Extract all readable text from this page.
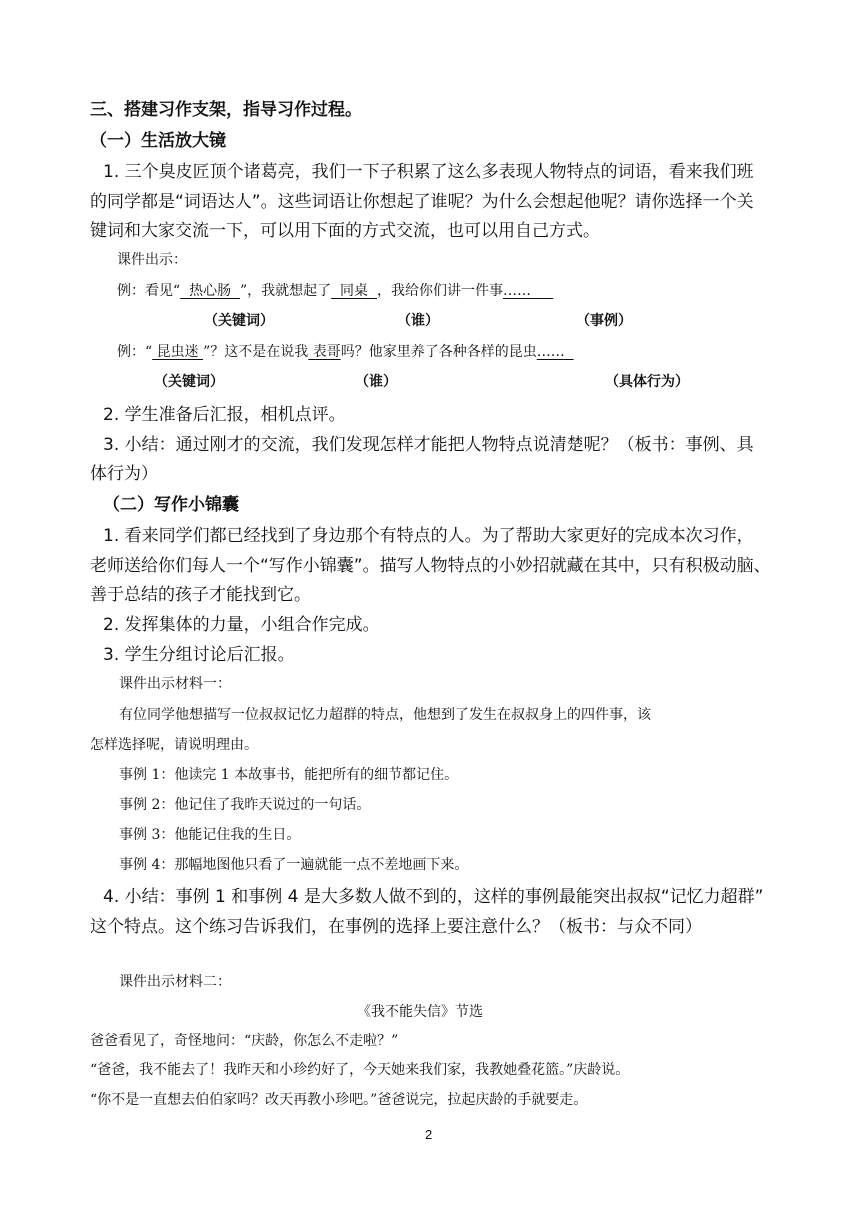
三、搭建习作支架，指导习作过程。
（一）生活放大镜
1. 三个臭皮匠顶个诸葛亮，我们一下子积累了这么多表现人物特点的词语，看来我们班
的同学都是“词语达人”。这些词语让你想起了谁呢？为什么会想起他呢？请你选择一个关
键词和大家交流一下，可以用下面的方式交流，也可以用自己方式。
课件出示：
例：看见“  热心肠  ”，我就想起了  同桌  ，我给你们讲一件事……
（关键词）	（谁）	（事例）
例：“ 昆虫迷 ”？这不是在说我 表哥吗？他家里养了各种各样的昆虫……
（关键词）	（谁）	（具体行为）
2. 学生准备后汇报，相机点评。
3. 小结：通过刚才的交流，我们发现怎样才能把人物特点说清楚呢？（板书：事例、具
体行为）
（二）写作小锦囊
1. 看来同学们都已经找到了身边那个有特点的人。为了帮助大家更好的完成本次习作，
老师送给你们每人一个“写作小锦囊”。描写人物特点的小妙招就藏在其中，只有积极动脑、
善于总结的孩子才能找到它。
2. 发挥集体的力量，小组合作完成。
3. 学生分组讨论后汇报。
课件出示材料一：
有位同学他想描写一位叔叔记忆力超群的特点，他想到了发生在叔叔身上的四件事，该
怎样选择呢，请说明理由。
事例 1：他读完 1 本故事书，能把所有的细节都记住。
事例 2：他记住了我昨天说过的一句话。
事例 3：他能记住我的生日。
事例 4：那幅地图他只看了一遍就能一点不差地画下来。
4. 小结：事例 1 和事例 4 是大多数人做不到的，这样的事例最能突出叔叔“记忆力超群”
这个特点。这个练习告诉我们，在事例的选择上要注意什么？（板书：与众不同）
课件出示材料二：
《我不能失信》节选
爸爸看见了，奇怪地问：“庆龄，你怎么不走啦？”
“爸爸，我不能去了！我昨天和小珍约好了，今天她来我们家，我教她叠花篮。”庆龄说。
“你不是一直想去伯伯家吗？改天再教小珍吧。”爸爸说完，拉起庆龄的手就要走。
2
